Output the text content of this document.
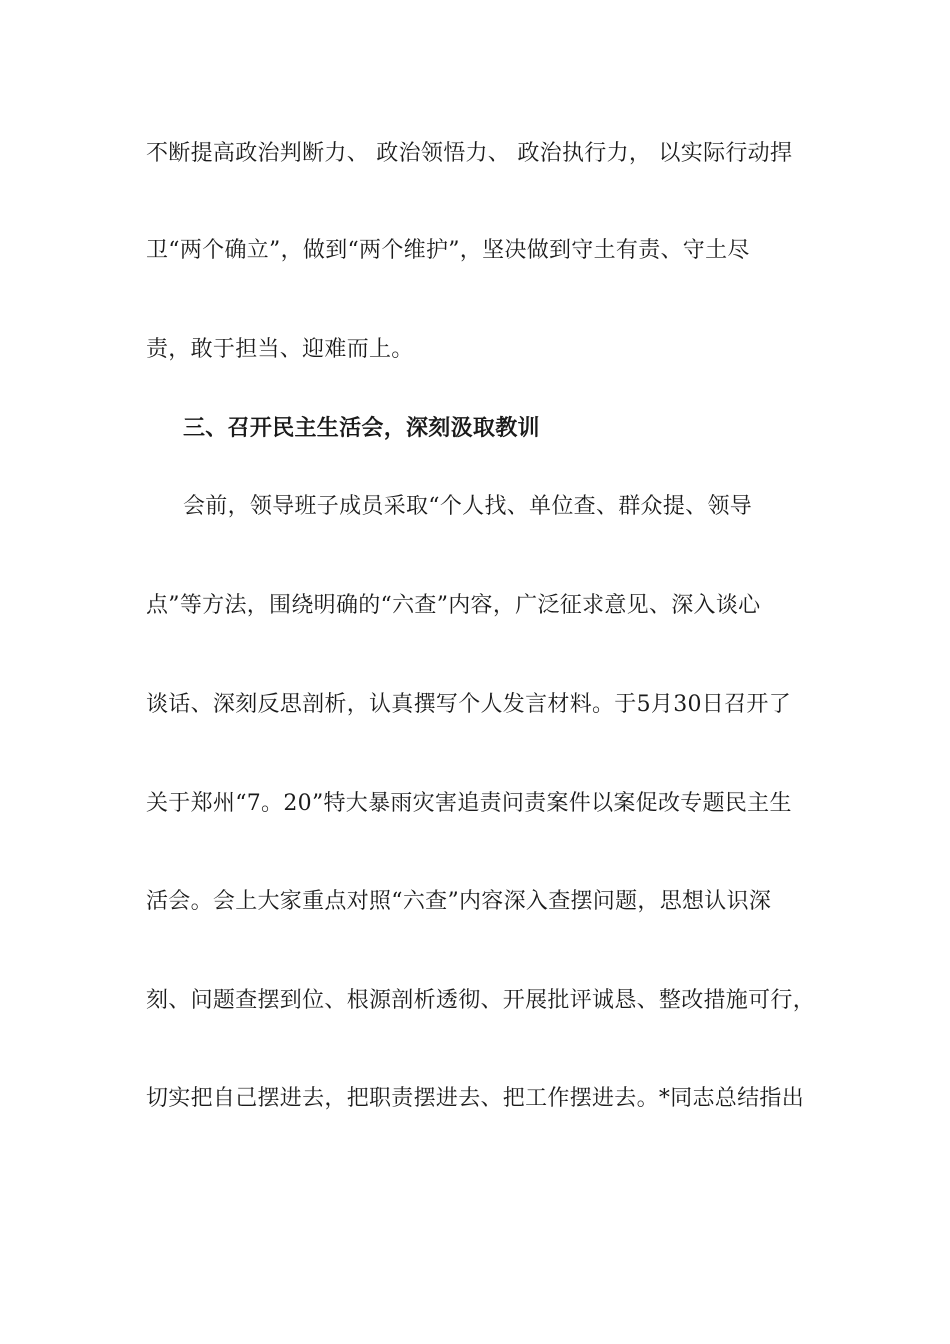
不断提高政治判断力、 政治领悟力、 政治执行力， 以实际行动捍
卫“两个确立”，做到“两个维护”，坚决做到守土有责、守土尽
责，敢于担当、迎难而上。
三、召开民主生活会，深刻汲取教训
会前，领导班子成员采取“个人找、单位查、群众提、领导
点”等方法，围绕明确的“六查”内容，广泛征求意见、深入谈心
谈话、深刻反思剖析，认真撰写个人发言材料。于5月30日召开了
关于郑州“7。20”特大暴雨灾害追责问责案件以案促改专题民主生
活会。会上大家重点对照“六查”内容深入查摆问题，思想认识深
刻、问题查摆到位、根源剖析透彻、开展批评诚恳、整改措施可行，
切实把自己摆进去，把职责摆进去、把工作摆进去。*同志总结指出
